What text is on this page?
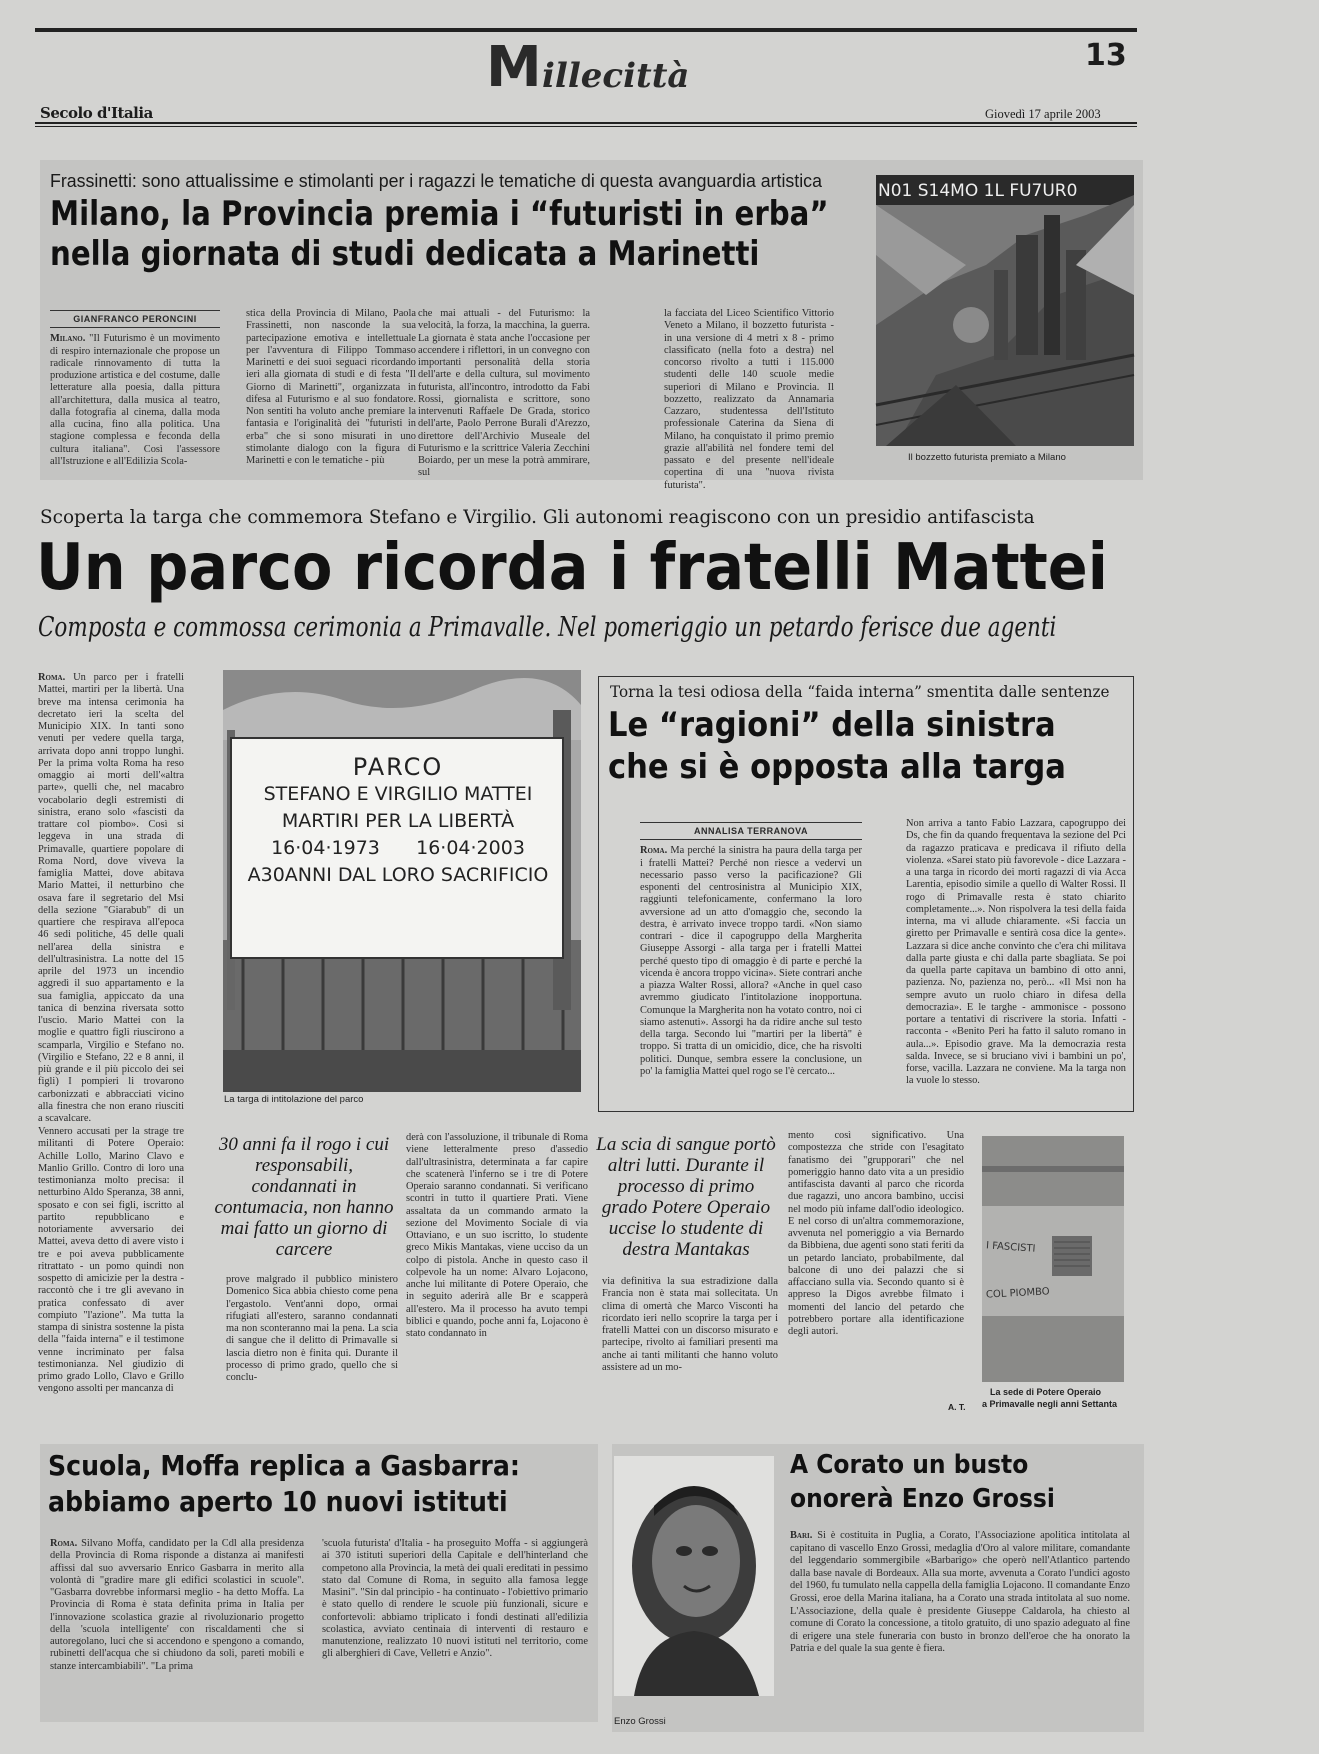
M illecittà
13
Secolo d'Italia	Giovedì 17 aprile 2003
Frassinetti: sono attualissime e stimolanti per i ragazzi le tematiche di questa avanguardia artistica
Milano, la Provincia premia i “futuristi in erba”
nella giornata di studi dedicata a Marinetti
GIANFRANCO PERONCINI
Milano. "Il Futurismo è un movimento di respiro internazionale che propose un radicale rinnovamento di tutta la produzione artistica e del costume, dalle letterature alla poesia, dalla pittura all'architettura, dalla musica al teatro, dalla fotografia al cinema, dalla moda alla cucina, fino alla politica. Una stagione complessa e feconda della cultura italiana". Così l'assessore all'Istruzione e all'Edilizia Scola-
stica della Provincia di Milano, Paola Frassinetti, non nasconde la sua partecipazione emotiva e intellettuale per l'avventura di Filippo Tommaso Marinetti e dei suoi seguaci ricordando ieri alla giornata di studi e di festa "Il Giorno di Marinetti", organizzata in difesa al Futurismo e al suo fondatore. Non sentiti ha voluto anche premiare la fantasia e l'originalità dei "futuristi in erba" che si sono misurati in uno stimolante dialogo con la figura di Marinetti e con le tematiche - più
che mai attuali - del Futurismo: la velocità, la forza, la macchina, la guerra. La giornata è stata anche l'occasione per accendere i riflettori, in un convegno con importanti personalità della storia dell'arte e della cultura, sul movimento futurista, all'incontro, introdotto da Fabi Rossi, giornalista e scrittore, sono intervenuti Raffaele De Grada, storico dell'arte, Paolo Perrone Burali d'Arezzo, direttore dell'Archivio Museale del Futurismo e la scrittrice Valeria Zecchini Boiardo, per un mese la potrà ammirare, sul
la facciata del Liceo Scientifico Vittorio Veneto a Milano, il bozzetto futurista - in una versione di 4 metri x 8 - primo classificato (nella foto a destra) nel concorso rivolto a tutti i 115.000 studenti delle 140 scuole medie superiori di Milano e Provincia. Il bozzetto, realizzato da Annamaria Cazzaro, studentessa dell'Istituto professionale Caterina da Siena di Milano, ha conquistato il primo premio grazie all'abilità nel fondere temi del passato e del presente nell'ideale copertina di una "nuova rivista futurista".
N01 S14MO 1L FU7UR0
Il bozzetto futurista premiato a Milano
Scoperta la targa che commemora Stefano e Virgilio. Gli autonomi reagiscono con un presidio antifascista
Un parco ricorda i fratelli Mattei
Composta e commossa cerimonia a Primavalle. Nel pomeriggio un petardo ferisce due agenti
Roma. Un parco per i fratelli Mattei, martiri per la libertà. Una breve ma intensa cerimonia ha decretato ieri la scelta del Municipio XIX. In tanti sono venuti per vedere quella targa, arrivata dopo anni troppo lunghi. Per la prima volta Roma ha reso omaggio ai morti dell'«altra parte», quelli che, nel macabro vocabolario degli estremisti di sinistra, erano solo «fascisti da trattare col piombo». Così si leggeva in una strada di Primavalle, quartiere popolare di Roma Nord, dove viveva la famiglia Mattei, dove abitava Mario Mattei, il netturbino che osava fare il segretario del Msi della sezione "Giarabub" di un quartiere che respirava all'epoca 46 sedi politiche, 45 delle quali nell'area della sinistra e dell'ultrasinistra. La notte del 15 aprile del 1973 un incendio aggredì il suo appartamento e la sua famiglia, appiccato da una tanica di benzina riversata sotto l'uscio. Mario Mattei con la moglie e quattro figli riuscirono a scamparla, Virgilio e Stefano no. (Virgilio e Stefano, 22 e 8 anni, il più grande e il più piccolo dei sei figli) I pompieri li trovarono carbonizzati e abbracciati vicino alla finestra che non erano riusciti a scavalcare.
Vennero accusati per la strage tre militanti di Potere Operaio: Achille Lollo, Marino Clavo e Manlio Grillo. Contro di loro una testimonianza molto precisa: il netturbino Aldo Speranza, 38 anni, sposato e con sei figli, iscritto al partito repubblicano e notoriamente avversario dei Mattei, aveva detto di avere visto i tre e poi aveva pubblicamente ritrattato - un pomo quindi non sospetto di amicizie per la destra - raccontò che i tre gli avevano in pratica confessato di aver compiuto "l'azione". Ma tutta la stampa di sinistra sostenne la pista della "faida interna" e il testimone venne incriminato per falsa testimonianza. Nel giudizio di primo grado Lollo, Clavo e Grillo vengono assolti per mancanza di
PARCO
STEFANO E VIRGILIO MATTEI
MARTIRI PER LA LIBERTÀ
16·04·1973      16·04·2003
A30ANNI DAL LORO SACRIFICIO
La targa di intitolazione del parco
Torna la tesi odiosa della “faida interna” smentita dalle sentenze
Le “ragioni” della sinistra
che si è opposta alla targa
ANNALISA TERRANOVA
Roma. Ma perché la sinistra ha paura della targa per i fratelli Mattei? Perché non riesce a vedervi un necessario passo verso la pacificazione? Gli esponenti del centrosinistra al Municipio XIX, raggiunti telefonicamente, confermano la loro avversione ad un atto d'omaggio che, secondo la destra, è arrivato invece troppo tardi. «Non siamo contrari - dice il capogruppo della Margherita Giuseppe Assorgi - alla targa per i fratelli Mattei perché questo tipo di omaggio è di parte e perché la vicenda è ancora troppo vicina». Siete contrari anche a piazza Walter Rossi, allora? «Anche in quel caso avremmo giudicato l'intitolazione inopportuna. Comunque la Margherita non ha votato contro, noi ci siamo astenuti». Assorgi ha da ridire anche sul testo della targa. Secondo lui "martiri per la libertà" è troppo. Si tratta di un omicidio, dice, che ha risvolti politici. Dunque, sembra essere la conclusione, un po' la famiglia Mattei quel rogo se l'è cercato...
Non arriva a tanto Fabio Lazzara, capogruppo dei Ds, che fin da quando frequentava la sezione del Pci da ragazzo praticava e predicava il rifiuto della violenza. «Sarei stato più favorevole - dice Lazzara - a una targa in ricordo dei morti ragazzi di via Acca Larentia, episodio simile a quello di Walter Rossi. Il rogo di Primavalle resta è stato chiarito completamente...». Non rispolvera la tesi della faida interna, ma vi allude chiaramente. «Si faccia un giretto per Primavalle e sentirà cosa dice la gente». Lazzara si dice anche convinto che c'era chi militava dalla parte giusta e chi dalla parte sbagliata. Se poi da quella parte capitava un bambino di otto anni, pazienza. No, pazienza no, però... «Il Msi non ha sempre avuto un ruolo chiaro in difesa della democrazia». E le targhe - ammonisce - possono portare a tentativi di riscrivere la storia. Infatti - racconta - «Benito Peri ha fatto il saluto romano in aula...». Episodio grave. Ma la democrazia resta salda. Invece, se si bruciano vivi i bambini un po', forse, vacilla. Lazzara ne conviene. Ma la targa non la vuole lo stesso.
30 anni fa il rogo i cui responsabili, condannati in contumacia, non hanno mai fatto un giorno di carcere
prove malgrado il pubblico ministero Domenico Sica abbia chiesto come pena l'ergastolo. Vent'anni dopo, ormai rifugiati all'estero, saranno condannati ma non sconteranno mai la pena. La scia di sangue che il delitto di Primavalle si lascia dietro non è finita qui. Durante il processo di primo grado, quello che si conclu-
derà con l'assoluzione, il tribunale di Roma viene letteralmente preso d'assedio dall'ultrasinistra, determinata a far capire che scatenerà l'inferno se i tre di Potere Operaio saranno condannati. Si verificano scontri in tutto il quartiere Prati. Viene assaltata da un commando armato la sezione del Movimento Sociale di via Ottaviano, e un suo iscritto, lo studente greco Mikis Mantakas, viene ucciso da un colpo di pistola. Anche in questo caso il colpevole ha un nome: Alvaro Lojacono, anche lui militante di Potere Operaio, che in seguito aderirà alle Br e scapperà all'estero. Ma il processo ha avuto tempi biblici e quando, poche anni fa, Lojacono è stato condannato in
La scia di sangue portò altri lutti. Durante il processo di primo grado Potere Operaio uccise lo studente di destra Mantakas
via definitiva la sua estradizione dalla Francia non è stata mai sollecitata. Un clima di omertà che Marco Visconti ha ricordato ieri nello scoprire la targa per i fratelli Mattei con un discorso misurato e partecipe, rivolto ai familiari presenti ma anche ai tanti militanti che hanno voluto assistere ad un mo-
mento così significativo. Una compostezza che stride con l'esagitato fanatismo dei "grupporari" che nel pomeriggio hanno dato vita a un presidio antifascista davanti al parco che ricorda due ragazzi, uno ancora bambino, uccisi nel modo più infame dall'odio ideologico. E nel corso di un'altra commemorazione, avvenuta nel pomeriggio a via Bernardo da Bibbiena, due agenti sono stati feriti da un petardo lanciato, probabilmente, dal balcone di uno dei palazzi che si affacciano sulla via. Secondo quanto si è appreso la Digos avrebbe filmato i momenti del lancio del petardo che potrebbero portare alla identificazione degli autori.
A. T.
I FASCISTI
COL PIOMBO
La sede di Potere Operaio
a Primavalle negli anni Settanta
Scuola, Moffa replica a Gasbarra:
abbiamo aperto 10 nuovi istituti
Roma. Silvano Moffa, candidato per la Cdl alla presidenza della Provincia di Roma risponde a distanza ai manifesti affissi dal suo avversario Enrico Gasbarra in merito alla volontà di "gradire mare gli edifici scolastici in scuole". "Gasbarra dovrebbe informarsi meglio - ha detto Moffa. La Provincia di Roma è stata definita prima in Italia per l'innovazione scolastica grazie al rivoluzionario progetto della 'scuola intelligente' con riscaldamenti che si autoregolano, luci che si accendono e spengono a comando, rubinetti dell'acqua che si chiudono da soli, pareti mobili e stanze intercambiabili". "La prima
'scuola futurista' d'Italia - ha proseguito Moffa - si aggiungerà ai 370 istituti superiori della Capitale e dell'hinterland che competono alla Provincia, la metà dei quali ereditati in pessimo stato dal Comune di Roma, in seguito alla famosa legge Masini". "Sin dal principio - ha continuato - l'obiettivo primario è stato quello di rendere le scuole più funzionali, sicure e confortevoli: abbiamo triplicato i fondi destinati all'edilizia scolastica, avviato centinaia di interventi di restauro e manutenzione, realizzato 10 nuovi istituti nel territorio, come gli alberghieri di Cave, Velletri e Anzio".
Enzo Grossi
A Corato un busto
onorerà Enzo Grossi
Bari. Si è costituita in Puglia, a Corato, l'Associazione apolitica intitolata al capitano di vascello Enzo Grossi, medaglia d'Oro al valore militare, comandante del leggendario sommergibile «Barbarigo» che operò nell'Atlantico partendo dalla base navale di Bordeaux. Alla sua morte, avvenuta a Corato l'undici agosto del 1960, fu tumulato nella cappella della famiglia Lojacono. Il comandante Enzo Grossi, eroe della Marina italiana, ha a Corato una strada intitolata al suo nome. L'Associazione, della quale è presidente Giuseppe Caldarola, ha chiesto al comune di Corato la concessione, a titolo gratuito, di uno spazio adeguato al fine di erigere una stele funeraria con busto in bronzo dell'eroe che ha onorato la Patria e del quale la sua gente è fiera.
